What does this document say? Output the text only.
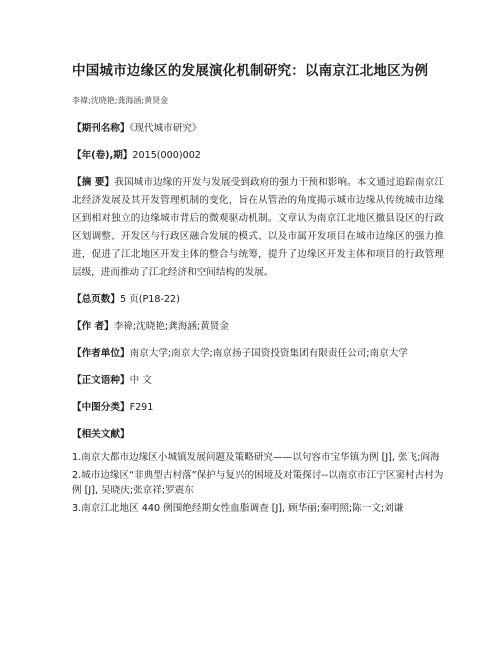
中国城市边缘区的发展演化机制研究：以南京江北地区为例
李禕;沈晓艳;龚海涵;黄贤金
【期刊名称】《现代城市研究》
【年(卷),期】2015(000)002
【摘 要】我国城市边缘的开发与发展受到政府的强力干预和影响。本文通过追踪南京江北经济发展及其开发管理机制的变化，旨在从管治的角度揭示城市边缘从传统城市边缘区到相对独立的边缘城市背后的微观驱动机制。文章认为南京江北地区撤县设区的行政区划调整、开发区与行政区融合发展的模式、以及市属开发项目在城市边缘区的强力推进，促进了江北地区开发主体的整合与统筹，提升了边缘区开发主体和项目的行政管理层级，进而推动了江北经济和空间结构的发展。
【总页数】5 页(P18-22)
【作 者】李禕;沈晓艳;龚海涵;黄贤金
【作者单位】南京大学;南京大学;南京扬子国资投资集团有限责任公司;南京大学
【正文语种】中 文
【中图分类】F291
【相关文献】
1.南京大都市边缘区小城镇发展问题及策略研究——以句容市宝华镇为例 [J], 张飞;阎海
2.城市边缘区“非典型古村落”保护与复兴的困境及对策探讨--以南京市江宁区窦村古村为例 [J], 吴晓庆;张京祥;罗震东
3.南京江北地区 440 例围绝经期女性血脂调查 [J], 顾华丽;秦明照;陈一文;刘谦
